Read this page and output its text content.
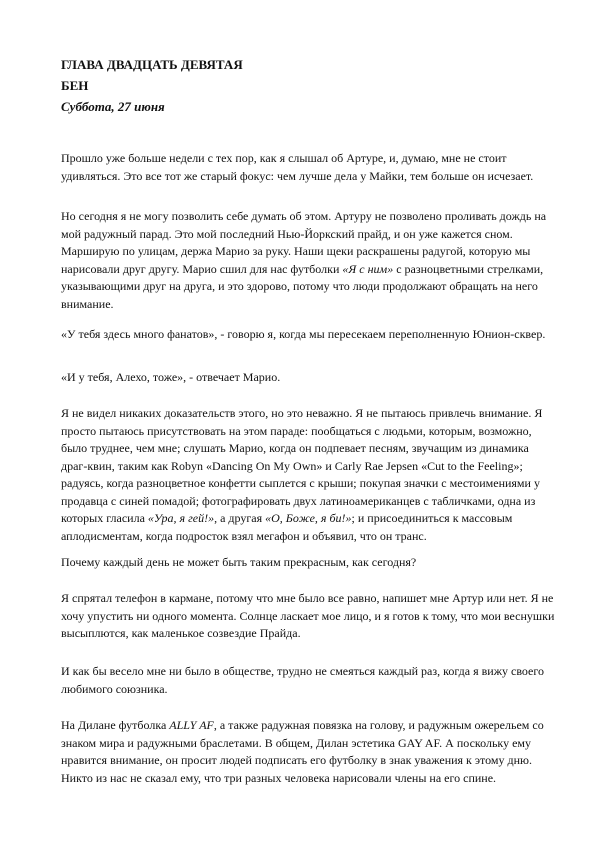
ГЛАВА ДВАДЦАТЬ ДЕВЯТАЯ
БЕН
Суббота, 27 июня

Прошло уже больше недели с тех пор, как я слышал об Артуре, и, думаю, мне не стоит удивляться. Это все тот же старый фокус: чем лучше дела у Майки, тем больше он исчезает.

Но сегодня я не могу позволить себе думать об этом. Артуру не позволено проливать дождь на мой радужный парад. Это мой последний Нью-Йоркский прайд, и он уже кажется сном. Марширую по улицам, держа Марио за руку. Наши щеки раскрашены радугой, которую мы нарисовали друг другу. Марио сшил для нас футболки «Я с ним» с разноцветными стрелками, указывающими друг на друга, и это здорово, потому что люди продолжают обращать на него внимание.

«У тебя здесь много фанатов», - говорю я, когда мы пересекаем переполненную Юнион-сквер.

«И у тебя, Алехо, тоже», - отвечает Марио.

Я не видел никаких доказательств этого, но это неважно. Я не пытаюсь привлечь внимание. Я просто пытаюсь присутствовать на этом параде: пообщаться с людьми, которым, возможно, было труднее, чем мне; слушать Марио, когда он подпевает песням, звучащим из динамика драг-квин, таким как Robyn «Dancing On My Own» и Carly Rae Jepsen «Cut to the Feeling»; радуясь, когда разноцветное конфетти сыплется с крыши; покупая значки с местоимениями у продавца с синей помадой; фотографировать двух латиноамериканцев с табличками, одна из которых гласила «Ура, я гей!», а другая «О, Боже, я би!»; и присоединиться к массовым аплодисментам, когда подросток взял мегафон и объявил, что он транс.

Почему каждый день не может быть таким прекрасным, как сегодня?

Я спрятал телефон в кармане, потому что мне было все равно, напишет мне Артур или нет. Я не хочу упустить ни одного момента. Солнце ласкает мое лицо, и я готов к тому, что мои веснушки высыплются, как маленькое созвездие Прайда.

И как бы весело мне ни было в обществе, трудно не смеяться каждый раз, когда я вижу своего любимого союзника.

На Дилане футболка ALLY AF, а также радужная повязка на голову, и радужным ожерельем со знаком мира и радужными браслетами. В общем, Дилан эстетика GAY AF. А поскольку ему нравится внимание, он просит людей подписать его футболку в знак уважения к этому дню. Никто из нас не сказал ему, что три разных человека нарисовали члены на его спине.
